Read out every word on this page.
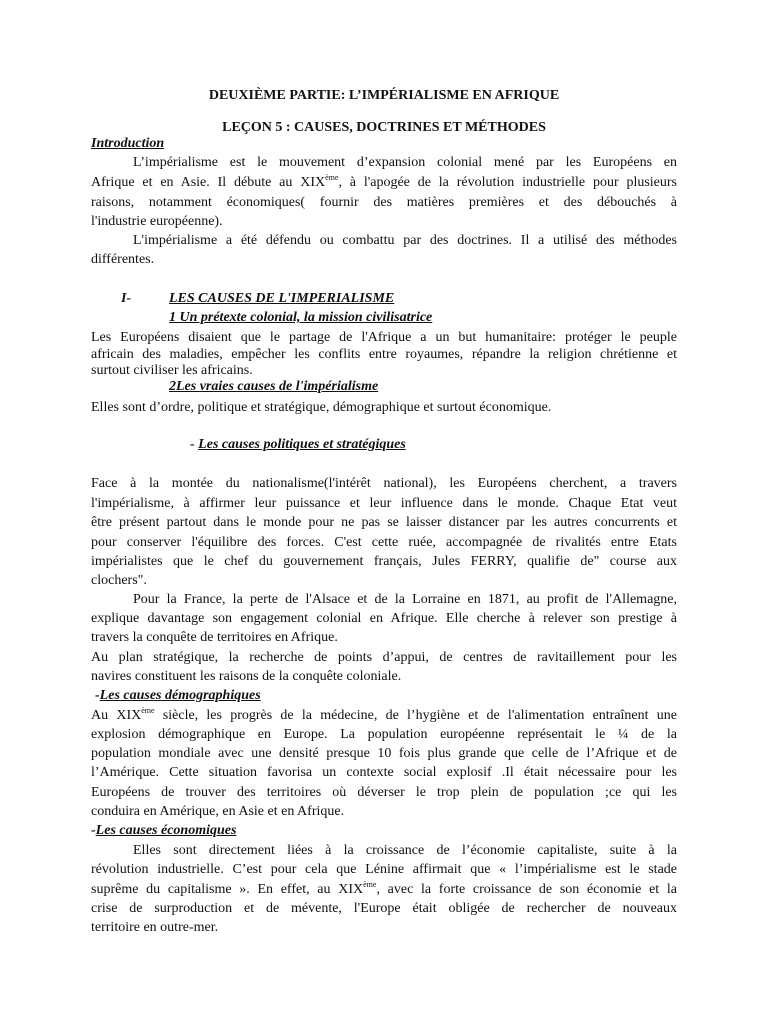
DEUXIÈME PARTIE: L’IMPÉRIALISME EN AFRIQUE

LEÇON 5 : CAUSES, DOCTRINES ET MÉTHODES

Introduction

L’impérialisme est le mouvement d’expansion colonial mené par les Européens en

Afrique et en Asie. Il débute au XIXème, à l'apogée de la révolution industrielle pour plusieurs

raisons, notamment économiques( fournir des matières premières et des débouchés à

l'industrie européenne).

L'impérialisme a été défendu ou combattu par des doctrines. Il a utilisé des méthodes

différentes.

I-	LES CAUSES DE L'IMPERIALISME

1 Un prétexte colonial, la mission civilisatrice

Les Européens disaient que le partage de l'Afrique a un but humanitaire: protéger le peuple

africain des maladies, empêcher les conflits entre royaumes, répandre la religion chrétienne et

surtout civiliser les africains.

2Les vraies causes de l'impérialisme

Elles sont d’ordre, politique et stratégique, démographique et surtout économique.

- Les causes politiques et stratégiques

Face à la montée du nationalisme(l'intérêt national), les Européens cherchent, a travers

l'impérialisme, à affirmer leur puissance et leur influence dans le monde. Chaque Etat veut

être présent partout dans le monde pour ne pas se laisser distancer par les autres concurrents et

pour conserver l'équilibre des forces. C'est cette ruée, accompagnée de rivalités entre Etats

impérialistes que le chef du gouvernement français, Jules FERRY, qualifie de" course aux

clochers".

Pour la France, la perte de l'Alsace et de la Lorraine en 1871, au profit de l'Allemagne,

explique davantage son engagement colonial en Afrique. Elle cherche à relever son prestige à

travers la conquête de territoires en Afrique.

Au plan stratégique, la recherche de points d’appui, de centres de ravitaillement pour les

navires constituent les raisons de la conquête coloniale.

-Les causes démographiques

Au XIXème siècle, les progrès de la médecine, de l’hygiène et de l'alimentation entraînent une

explosion démographique en Europe. La population européenne représentait le ¼ de la

population mondiale avec une densité presque 10 fois plus grande que celle de l’Afrique et de

l’Amérique. Cette situation favorisa un contexte social explosif .Il était nécessaire pour les

Européens de trouver des territoires où déverser le trop plein de population ;ce qui les

conduira en Amérique, en Asie et en Afrique.

-Les causes économiques

Elles sont directement liées à la croissance de l’économie capitaliste, suite à la

révolution industrielle. C’est pour cela que Lénine affirmait que « l’impérialisme est le stade

suprême du capitalisme ». En effet, au XIXème, avec la forte croissance de son économie et la

crise de surproduction et de mévente, l'Europe était obligée de rechercher de nouveaux

territoire en outre-mer.
